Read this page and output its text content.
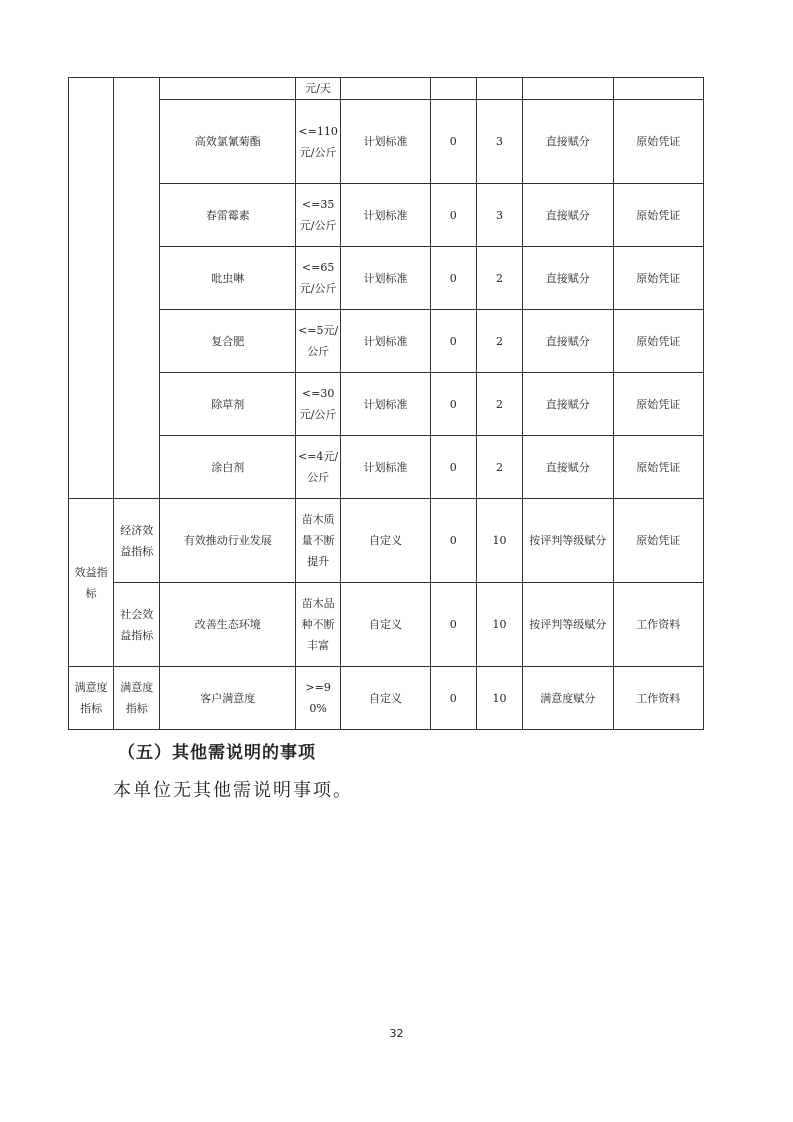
			元/天					
		高效氯氰菊酯	<=110元/公斤	计划标准	0	3	直接赋分	原始凭证
		春雷霉素	<=35元/公斤	计划标准	0	3	直接赋分	原始凭证
		吡虫啉	<=65元/公斤	计划标准	0	2	直接赋分	原始凭证
		复合肥	<=5元/公斤	计划标准	0	2	直接赋分	原始凭证
		除草剂	<=30元/公斤	计划标准	0	2	直接赋分	原始凭证
		涂白剂	<=4元/公斤	计划标准	0	2	直接赋分	原始凭证
效益指标	经济效益指标	有效推动行业发展	苗木质量不断提升	自定义	0	10	按评判等级赋分	原始凭证
	社会效益指标	改善生态环境	苗木品种不断丰富	自定义	0	10	按评判等级赋分	工作资料
满意度指标	满意度指标	客户满意度	>=90%	自定义	0	10	满意度赋分	工作资料
（五）其他需说明的事项
本单位无其他需说明事项。
32
